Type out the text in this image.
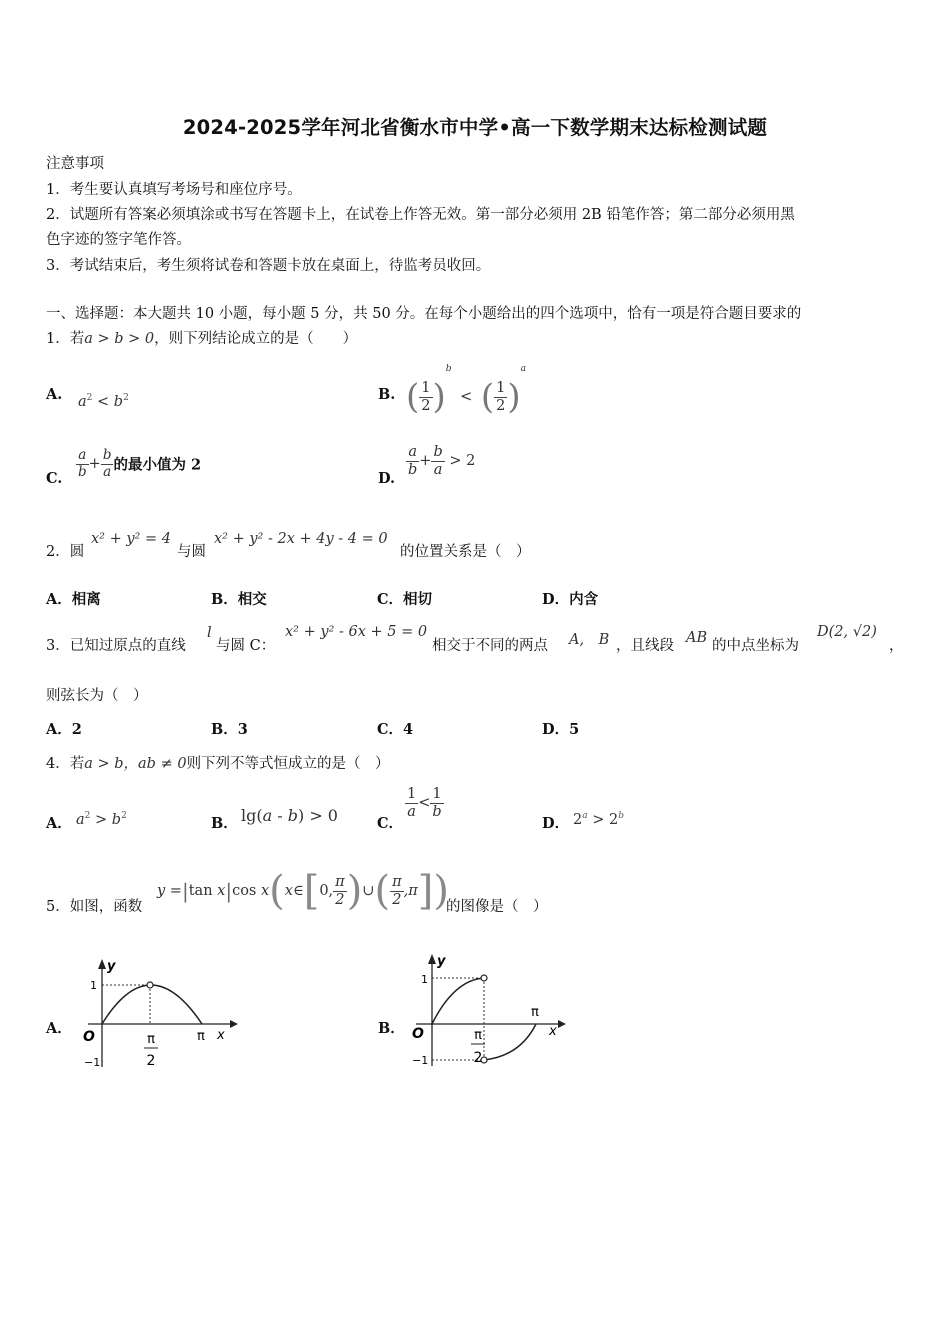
2024-2025学年河北省衡水市中学•高一下数学期末达标检测试题
注意事项
1．考生要认真填写考场号和座位序号。
2．试题所有答案必须填涂或书写在答题卡上，在试卷上作答无效。第一部分必须用 2B 铅笔作答；第二部分必须用黑
色字迹的签字笔作答。
3．考试结束后，考生须将试卷和答题卡放在桌面上，待监考员收回。
一、选择题：本大题共 10 小题，每小题 5 分，共 50 分。在每个小题给出的四个选项中，恰有一项是符合题目要求的
1．若a > b > 0，则下列结论成立的是（　　）
A. $a^2 < b^2$	B. ( $\frac{1}{2} )^b$ < ( $\frac{1}{2} )^a$
C. $\frac{a}{b} + \frac{b}{a}$ 的最小值为 2
D.
$\frac{a}{b} + \frac{b}{a} > 2$
2．圆
x² + y² = 4
与圆
x² + y² - 2x + 4y - 4 = 0
的位置关系是（　）
A．相离	B．相交	C．相切	D．内含
3．已知过原点的直线
l
与圆 C：
x² + y² - 6x + 5 = 0
相交于不同的两点 A,　B ，且线段 AB 的中点坐标为
D(2, √2)
，
则弦长为（　）
A．2	B．3	C．4	D．5
4．若a > b，ab ≠ 0则下列不等式恒成立的是（　）
A． $a^2 > b^2$	B． lg(a - b) > 0	C．
$\frac{1}{a} < \frac{1}{b}$
D． $2^a > 2^b$
5．如图，函数
y =|tan x|cos x(x∈[0, $\frac{\pi}{2}$ )∪( $\frac{\pi}{2} ,\pi$])
的图像是（　）
A．
y
x
O
1
−1
π
π
2
B．
y
x
O
1
−1
π
π
2
